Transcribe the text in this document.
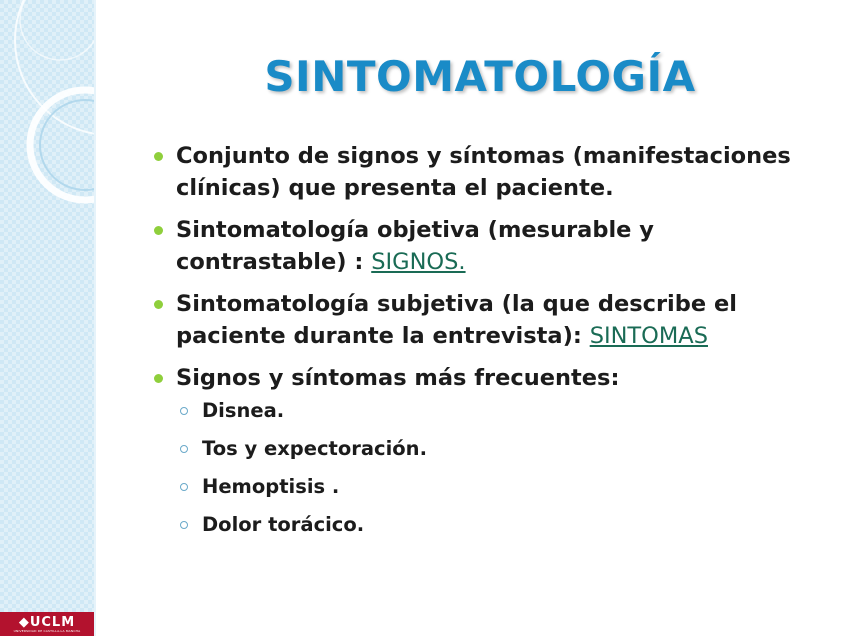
◆UCLM
UNIVERSIDAD DE CASTILLA-LA MANCHA
SINTOMATOLOGÍA
Conjunto de signos y síntomas (manifestaciones clínicas) que presenta el paciente.
Sintomatología objetiva (mesurable y contrastable) : SIGNOS.
Sintomatología subjetiva (la que describe el paciente durante la entrevista): SINTOMAS
Signos y síntomas más frecuentes:
Disnea.
Tos y expectoración.
Hemoptisis .
Dolor torácico.
